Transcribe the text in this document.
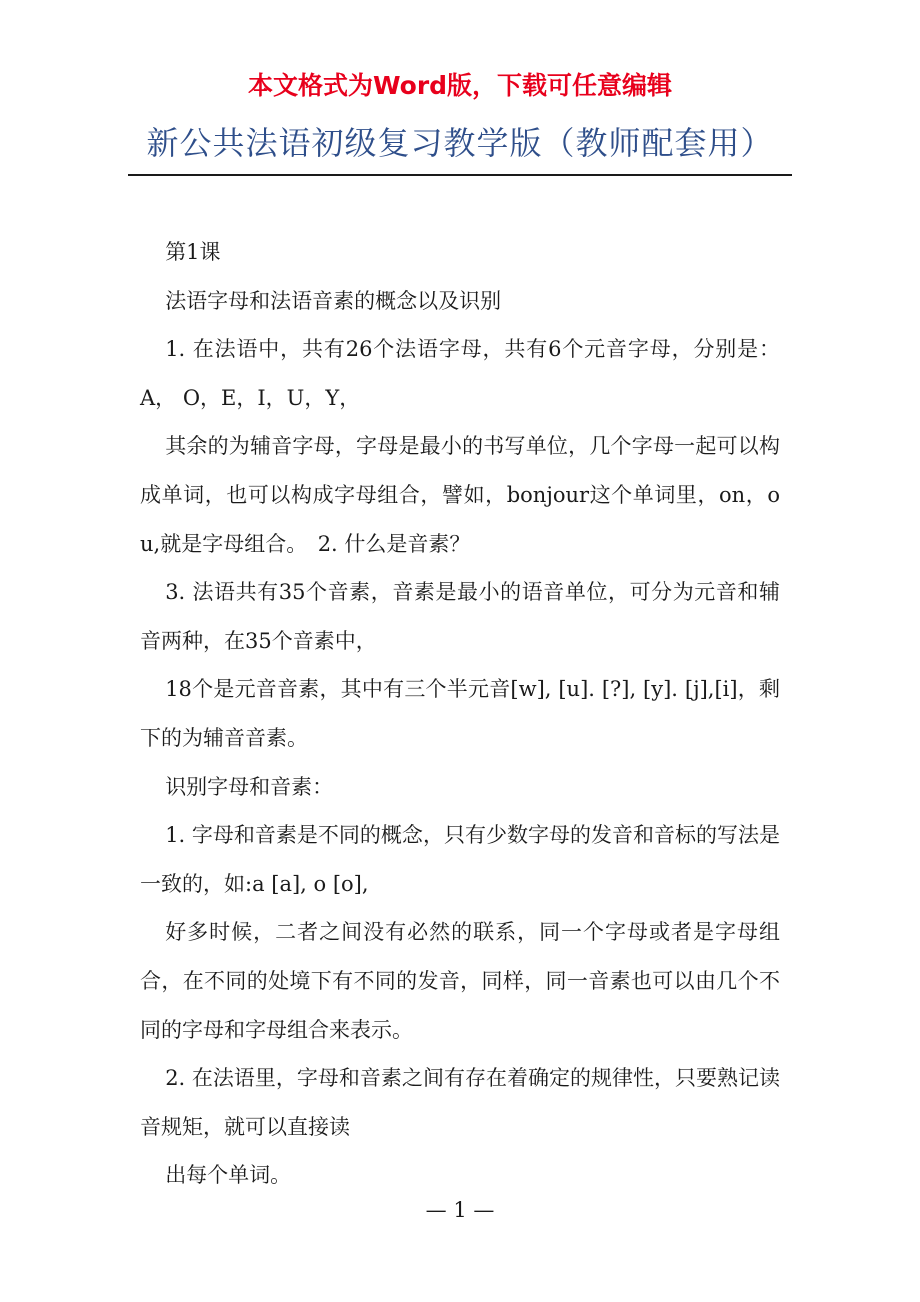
本文格式为Word版，下载可任意编辑
新公共法语初级复习教学版（教师配套用）

第1课

法语字母和法语音素的概念以及识别

1. 在法语中，共有26个法语字母，共有6个元音字母，分别是：A， O，E，I，U，Y，

其余的为辅音字母，字母是最小的书写单位，几个字母一起可以构成单词，也可以构成字母组合，譬如，bonjour这个单词里，on，ou,就是字母组合。　2. 什么是音素？

3. 法语共有35个音素，音素是最小的语音单位，可分为元音和辅音两种，在35个音素中，

18个是元音音素，其中有三个半元音[w], [u]. [?], [y]. [j],[i]，剩下的为辅音音素。

识别字母和音素：

1. 字母和音素是不同的概念，只有少数字母的发音和音标的写法是一致的，如:a [a], o [o],

好多时候，二者之间没有必然的联系，同一个字母或者是字母组合，在不同的处境下有不同的发音，同样，同一音素也可以由几个不同的字母和字母组合来表示。

2. 在法语里，字母和音素之间有存在着确定的规律性，只要熟记读音规矩，就可以直接读

出每个单词。

— 1 —
